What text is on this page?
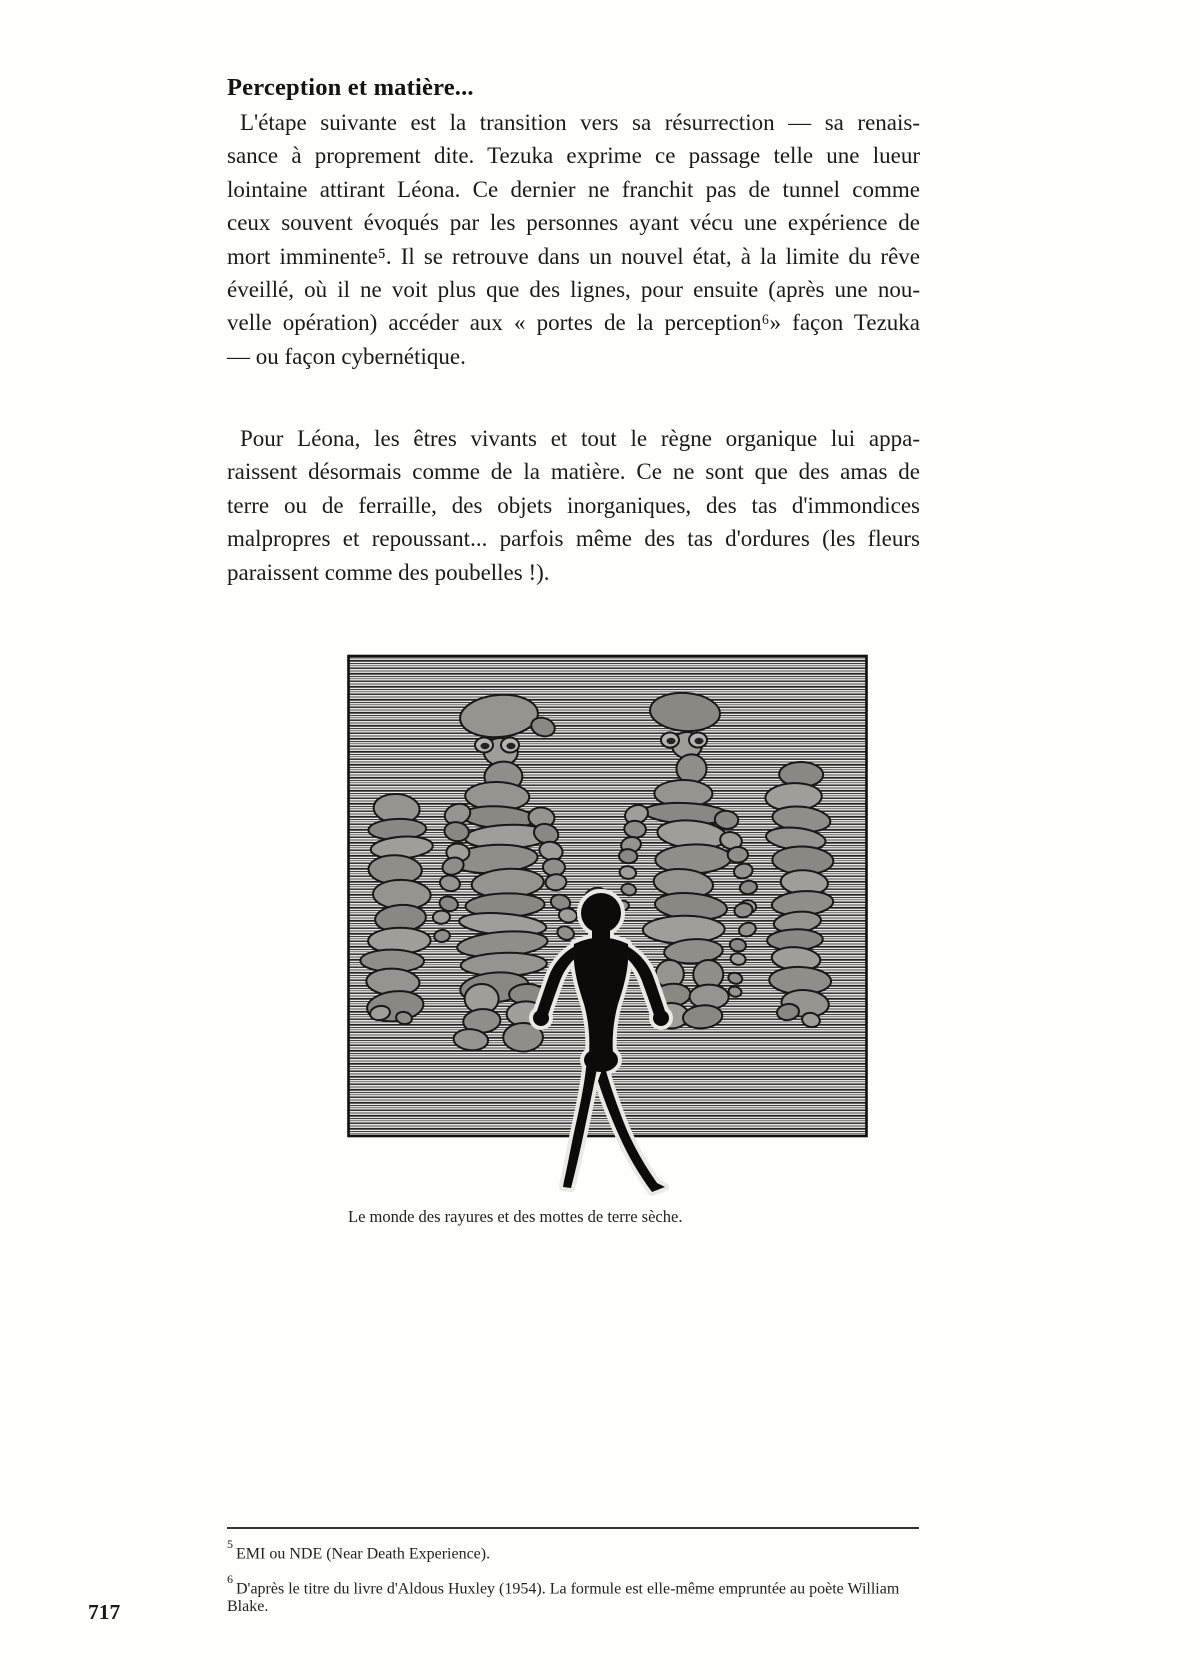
Perception et matière...
L'étape suivante est la transition vers sa résurrection — sa renais-
sance à proprement dite. Tezuka exprime ce passage telle une lueur
lointaine attirant Léona. Ce dernier ne franchit pas de tunnel comme
ceux souvent évoqués par les personnes ayant vécu une expérience de
mort imminente⁵. Il se retrouve dans un nouvel état, à la limite du rêve
éveillé, où il ne voit plus que des lignes, pour ensuite (après une nou-
velle opération) accéder aux « portes de la perception⁶» façon Tezuka
— ou façon cybernétique.
Pour Léona, les êtres vivants et tout le règne organique lui appa-
raissent désormais comme de la matière. Ce ne sont que des amas de
terre ou de ferraille, des objets inorganiques, des tas d'immondices
malpropres et repoussant... parfois même des tas d'ordures (les fleurs
paraissent comme des poubelles !).
Le monde des rayures et des mottes de terre sèche.
$^5$EMI ou NDE (Near Death Experience).
$^6$D'après le titre du livre d'Aldous Huxley (1954). La formule est elle-même empruntée au poète William Blake.
717
